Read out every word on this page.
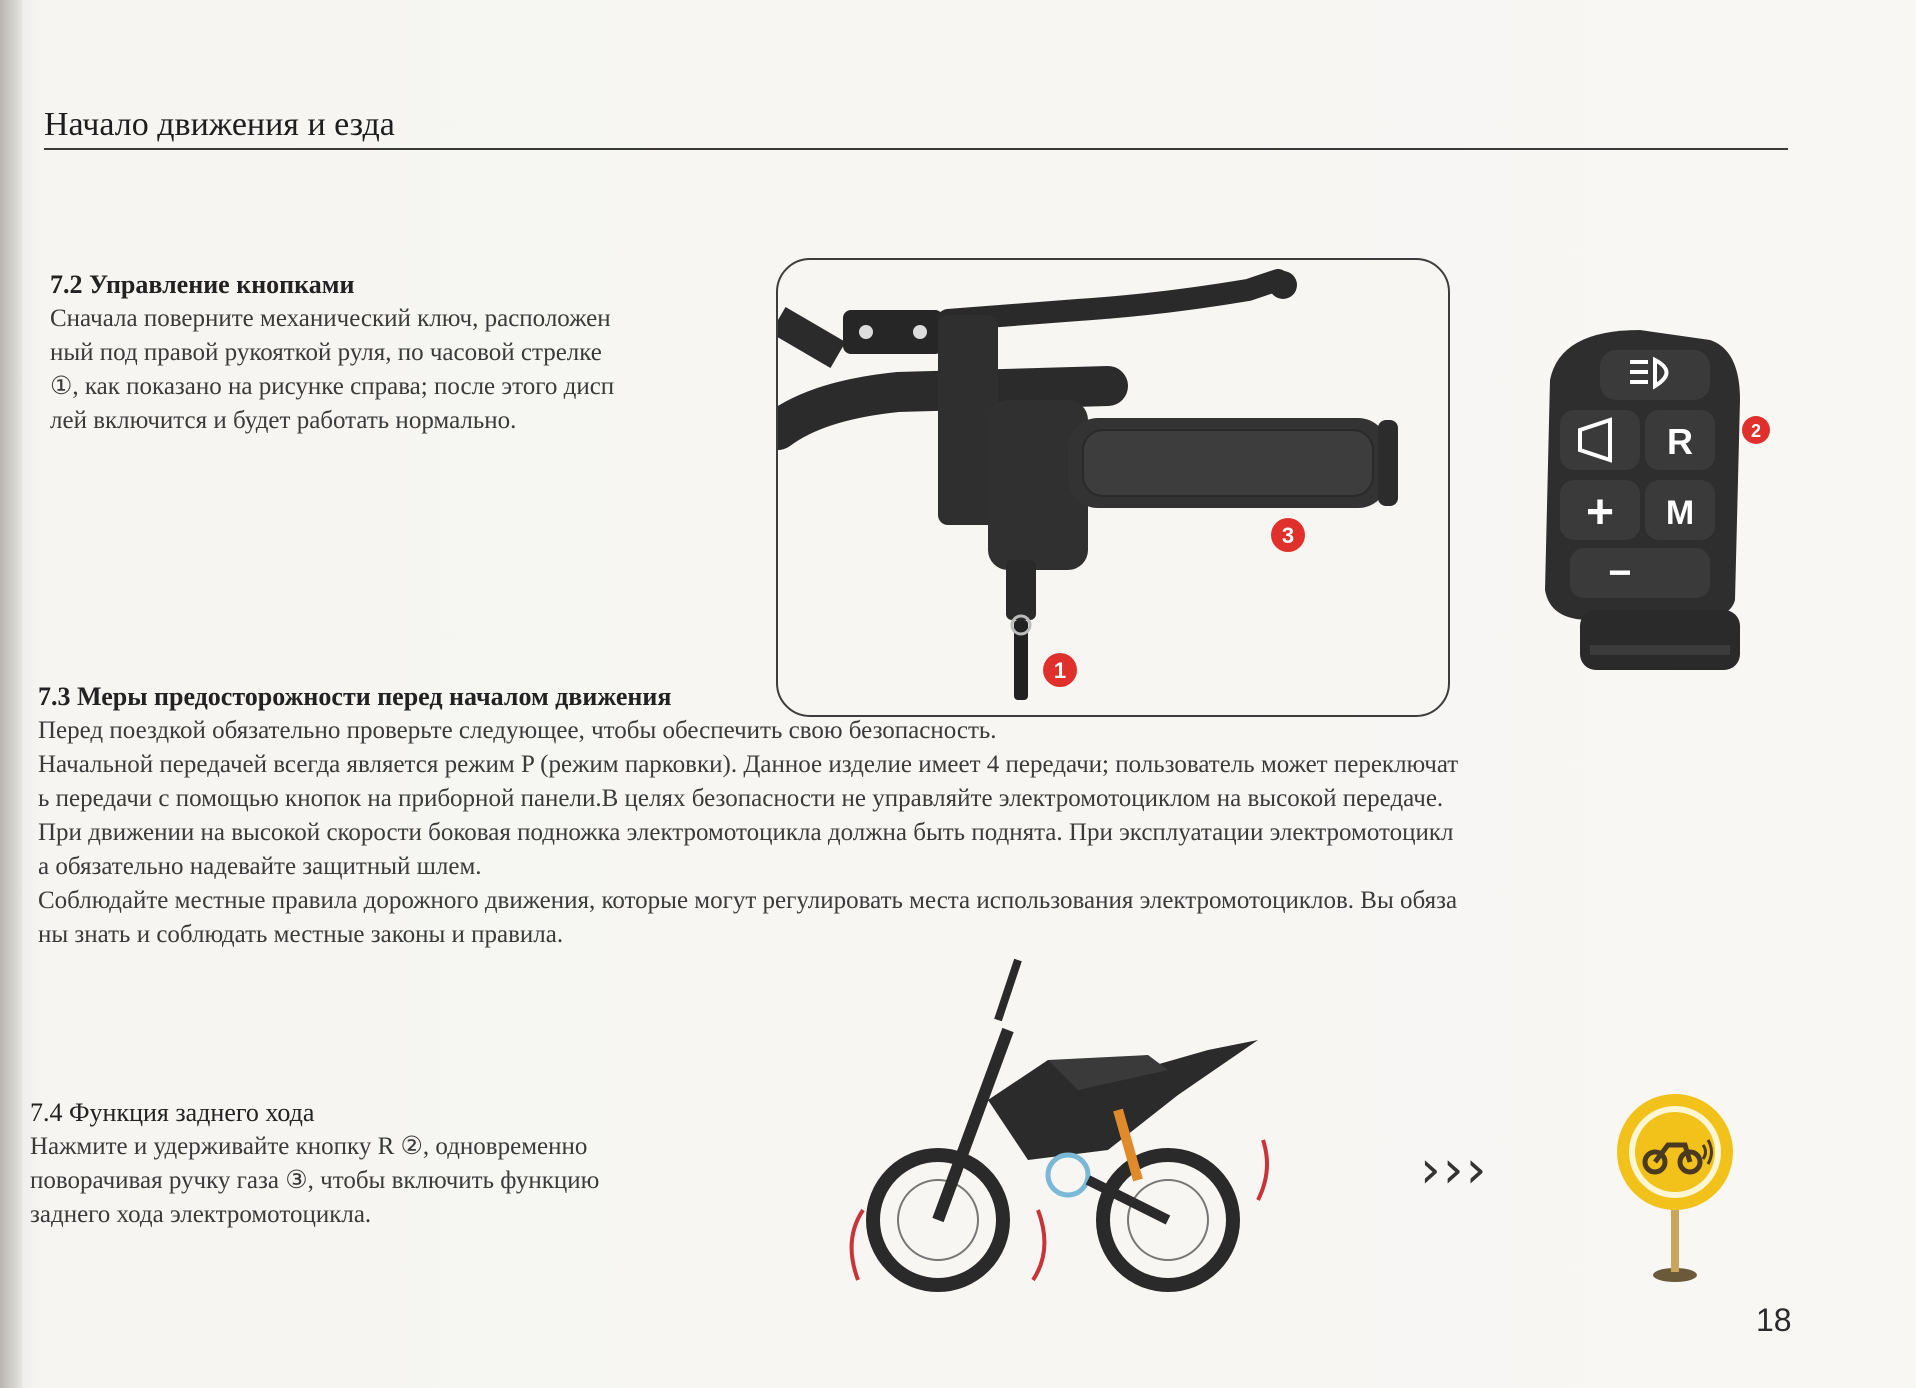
Начало движения и езда
7.2 Управление кнопками

Сначала поверните механический ключ, расположен

ный под правой рукояткой руля, по часовой стрелке

①, как показано на рисунке справа; после этого дисп

лей включится и будет работать нормально.

1
3
R
M
+
−
2
7.3 Меры предосторожности перед началом движения

Перед поездкой обязательно проверьте следующее, чтобы обеспечить свою безопасность.

Начальной передачей всегда является режим P (режим парковки). Данное изделие имеет 4 передачи; пользователь может переключат

ь передачи с помощью кнопок на приборной панели.В целях безопасности не управляйте электромотоциклом на высокой передаче.

При движении на высокой скорости боковая подножка электромотоцикла должна быть поднята. При эксплуатации электромотоцикл

а обязательно надевайте защитный шлем.

Соблюдайте местные правила дорожного движения, которые могут регулировать места использования электромотоциклов. Вы обяза

ны знать и соблюдать местные законы и правила.

7.4 Функция заднего хода

Нажмите и удерживайте кнопку R ②, одновременно

поворачивая ручку газа ③, чтобы включить функцию

заднего хода электромотоцикла.

›››
18
